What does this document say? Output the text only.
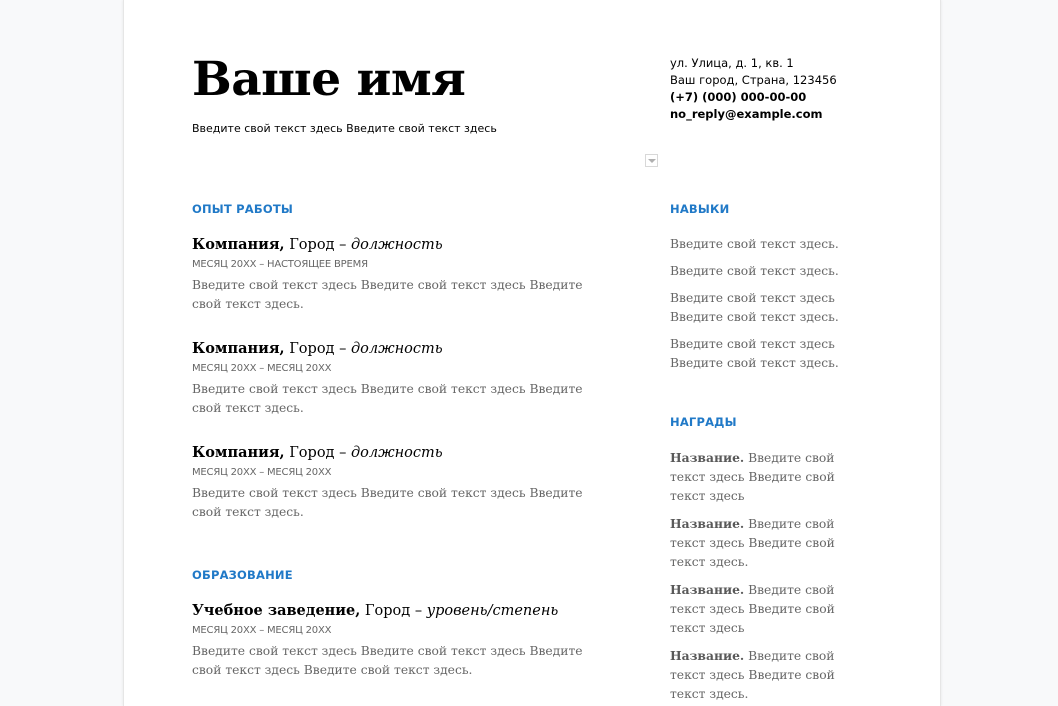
Ваше имя
Введите свой текст здесь Введите свой текст здесь
ул. Улица, д. 1, кв. 1
Ваш город, Страна, 123456
(+7) (000) 000-00-00
no_reply@example.com
ОПЫТ РАБОТЫ
Компания, Город – должность
МЕСЯЦ 20XX – НАСТОЯЩЕЕ ВРЕМЯ
Введите свой текст здесь Введите свой текст здесь Введите свой текст здесь.
Компания, Город – должность
МЕСЯЦ 20XX – МЕСЯЦ 20XX
Введите свой текст здесь Введите свой текст здесь Введите свой текст здесь.
Компания, Город – должность
МЕСЯЦ 20XX – МЕСЯЦ 20XX
Введите свой текст здесь Введите свой текст здесь Введите свой текст здесь.
ОБРАЗОВАНИЕ
Учебное заведение, Город – уровень/степень
МЕСЯЦ 20XX – МЕСЯЦ 20XX
Введите свой текст здесь Введите свой текст здесь Введите свой текст здесь Введите свой текст здесь.
НАВЫКИ
Введите свой текст здесь.
Введите свой текст здесь.
Введите свой текст здесь Введите свой текст здесь.
Введите свой текст здесь Введите свой текст здесь.
НАГРАДЫ
Название. Введите свой текст здесь Введите свой текст здесь
Название. Введите свой текст здесь Введите свой текст здесь.
Название. Введите свой текст здесь Введите свой текст здесь
Название. Введите свой текст здесь Введите свой текст здесь.
